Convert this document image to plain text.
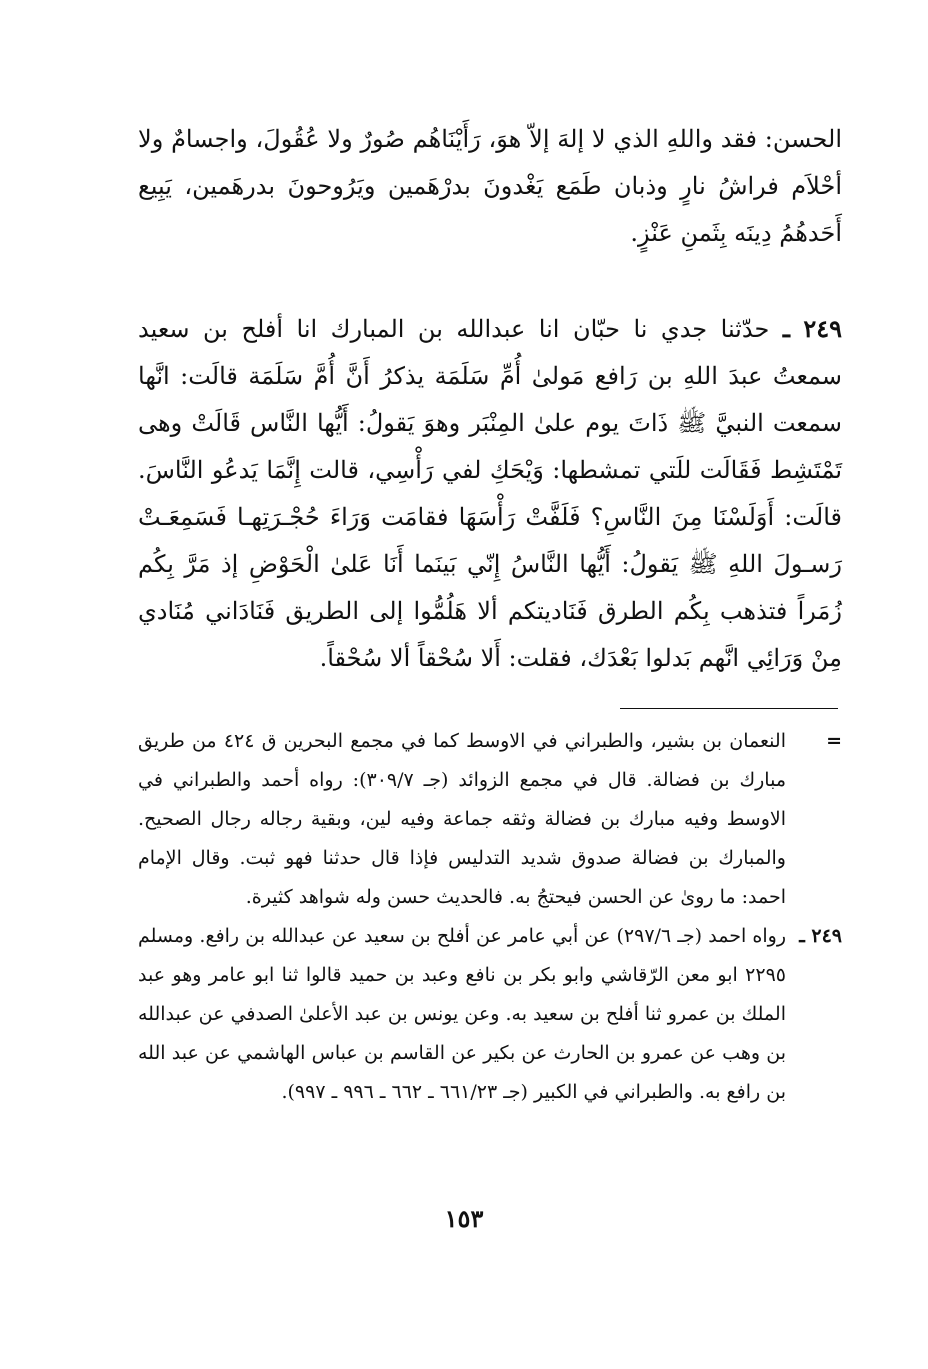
الحسن: فقد واللهِ الذي لا إلهَ إلاّ هوَ، رَأَيْنَاهُم صُورٌ ولا عُقُولَ، واجسامٌ ولا أحْلاَم فراشُ نارٍ وذبان طَمَع يَغْدونَ بدرْهَمين ويَرُوحونَ بدرهَمين، يَبِيع أَحَدهُمُ دِينَه بِثَمنِ عَنْزٍ.

٢٤٩ ـ حدّثنا جدي نا حبّان انا عبدالله بن المبارك انا أفلح بن سعيد سمعتُ عبدَ اللهِ بن رَافع مَولىٰ أُمِّ سَلَمَة يذكرُ أَنَّ أُمَّ سَلَمَة قالَت: انَّها سمعت النبيَّ ﷺ ذَاتَ يوم علىٰ المِنْبَر وهوَ يَقولُ: أَيُّها النَّاس قَالَتْ وهى تَمْتَشِط فَقَالَت للَتي تمشطها: وَيْحَكِ لفي رَأْسِي، قالت إِنَّمَا يَدعُو النَّاسَ. قالَت: أَوَلَسْنَا مِنَ النَّاسِ؟ فَلَفَّتْ رَأْسَهَا فقامَت وَرَاءَ حُجْـرَتِهـا فَسَمِعَـتْ رَسـولَ اللهِ ﷺ يَقولُ: أَيُّها النَّاسُ إِنّي بَينَما أَنَا عَلىٰ الْحَوْضِ إذ مَرَّ بِكُم زُمَراً فتذهب بِكُم الطرق فَنَاديتكم ألا هَلُمُّوا إلى الطريق فَنَادَاني مُنَادي مِنْ وَرَائِي انَّهم بَدلوا بَعْدَك، فقلت: أَلا سُحْقاً ألا سُحْقاً.

=
النعمان بن بشير، والطبراني في الاوسط كما في مجمع البحرين ق ٤٢٤ من طريق مبارك بن فضالة. قال في مجمع الزوائد (جـ ٣٠٩/٧): رواه أحمد والطبراني في الاوسط وفيه مبارك بن فضالة وثقه جماعة وفيه لين، وبقية رجاله رجال الصحيح. والمبارك بن فضالة صدوق شديد التدليس فإذا قال حدثنا فهو ثبت. وقال الإمام احمد: ما روىٰ عن الحسن فيحتجُ به. فالحديث حسن وله شواهد كثيرة.
٢٤٩ ـ
رواه احمد (جـ ٢٩٧/٦) عن أبي عامر عن أفلح بن سعيد عن عبدالله بن رافع. ومسلم ٢٢٩٥ ابو معن الرّقاشي وابو بكر بن نافع وعبد بن حميد قالوا ثنا ابو عامر وهو عبد الملك بن عمرو ثنا أفلح بن سعيد به. وعن يونس بن عبد الأعلىٰ الصدفي عن عبدالله بن وهب عن عمرو بن الحارث عن بكير عن القاسم بن عباس الهاشمي عن عبد الله بن رافع به. والطبراني في الكبير (جـ ٦٦١/٢٣ ـ ٦٦٢ ـ ٩٩٦ ـ ٩٩٧).
١٥٣
